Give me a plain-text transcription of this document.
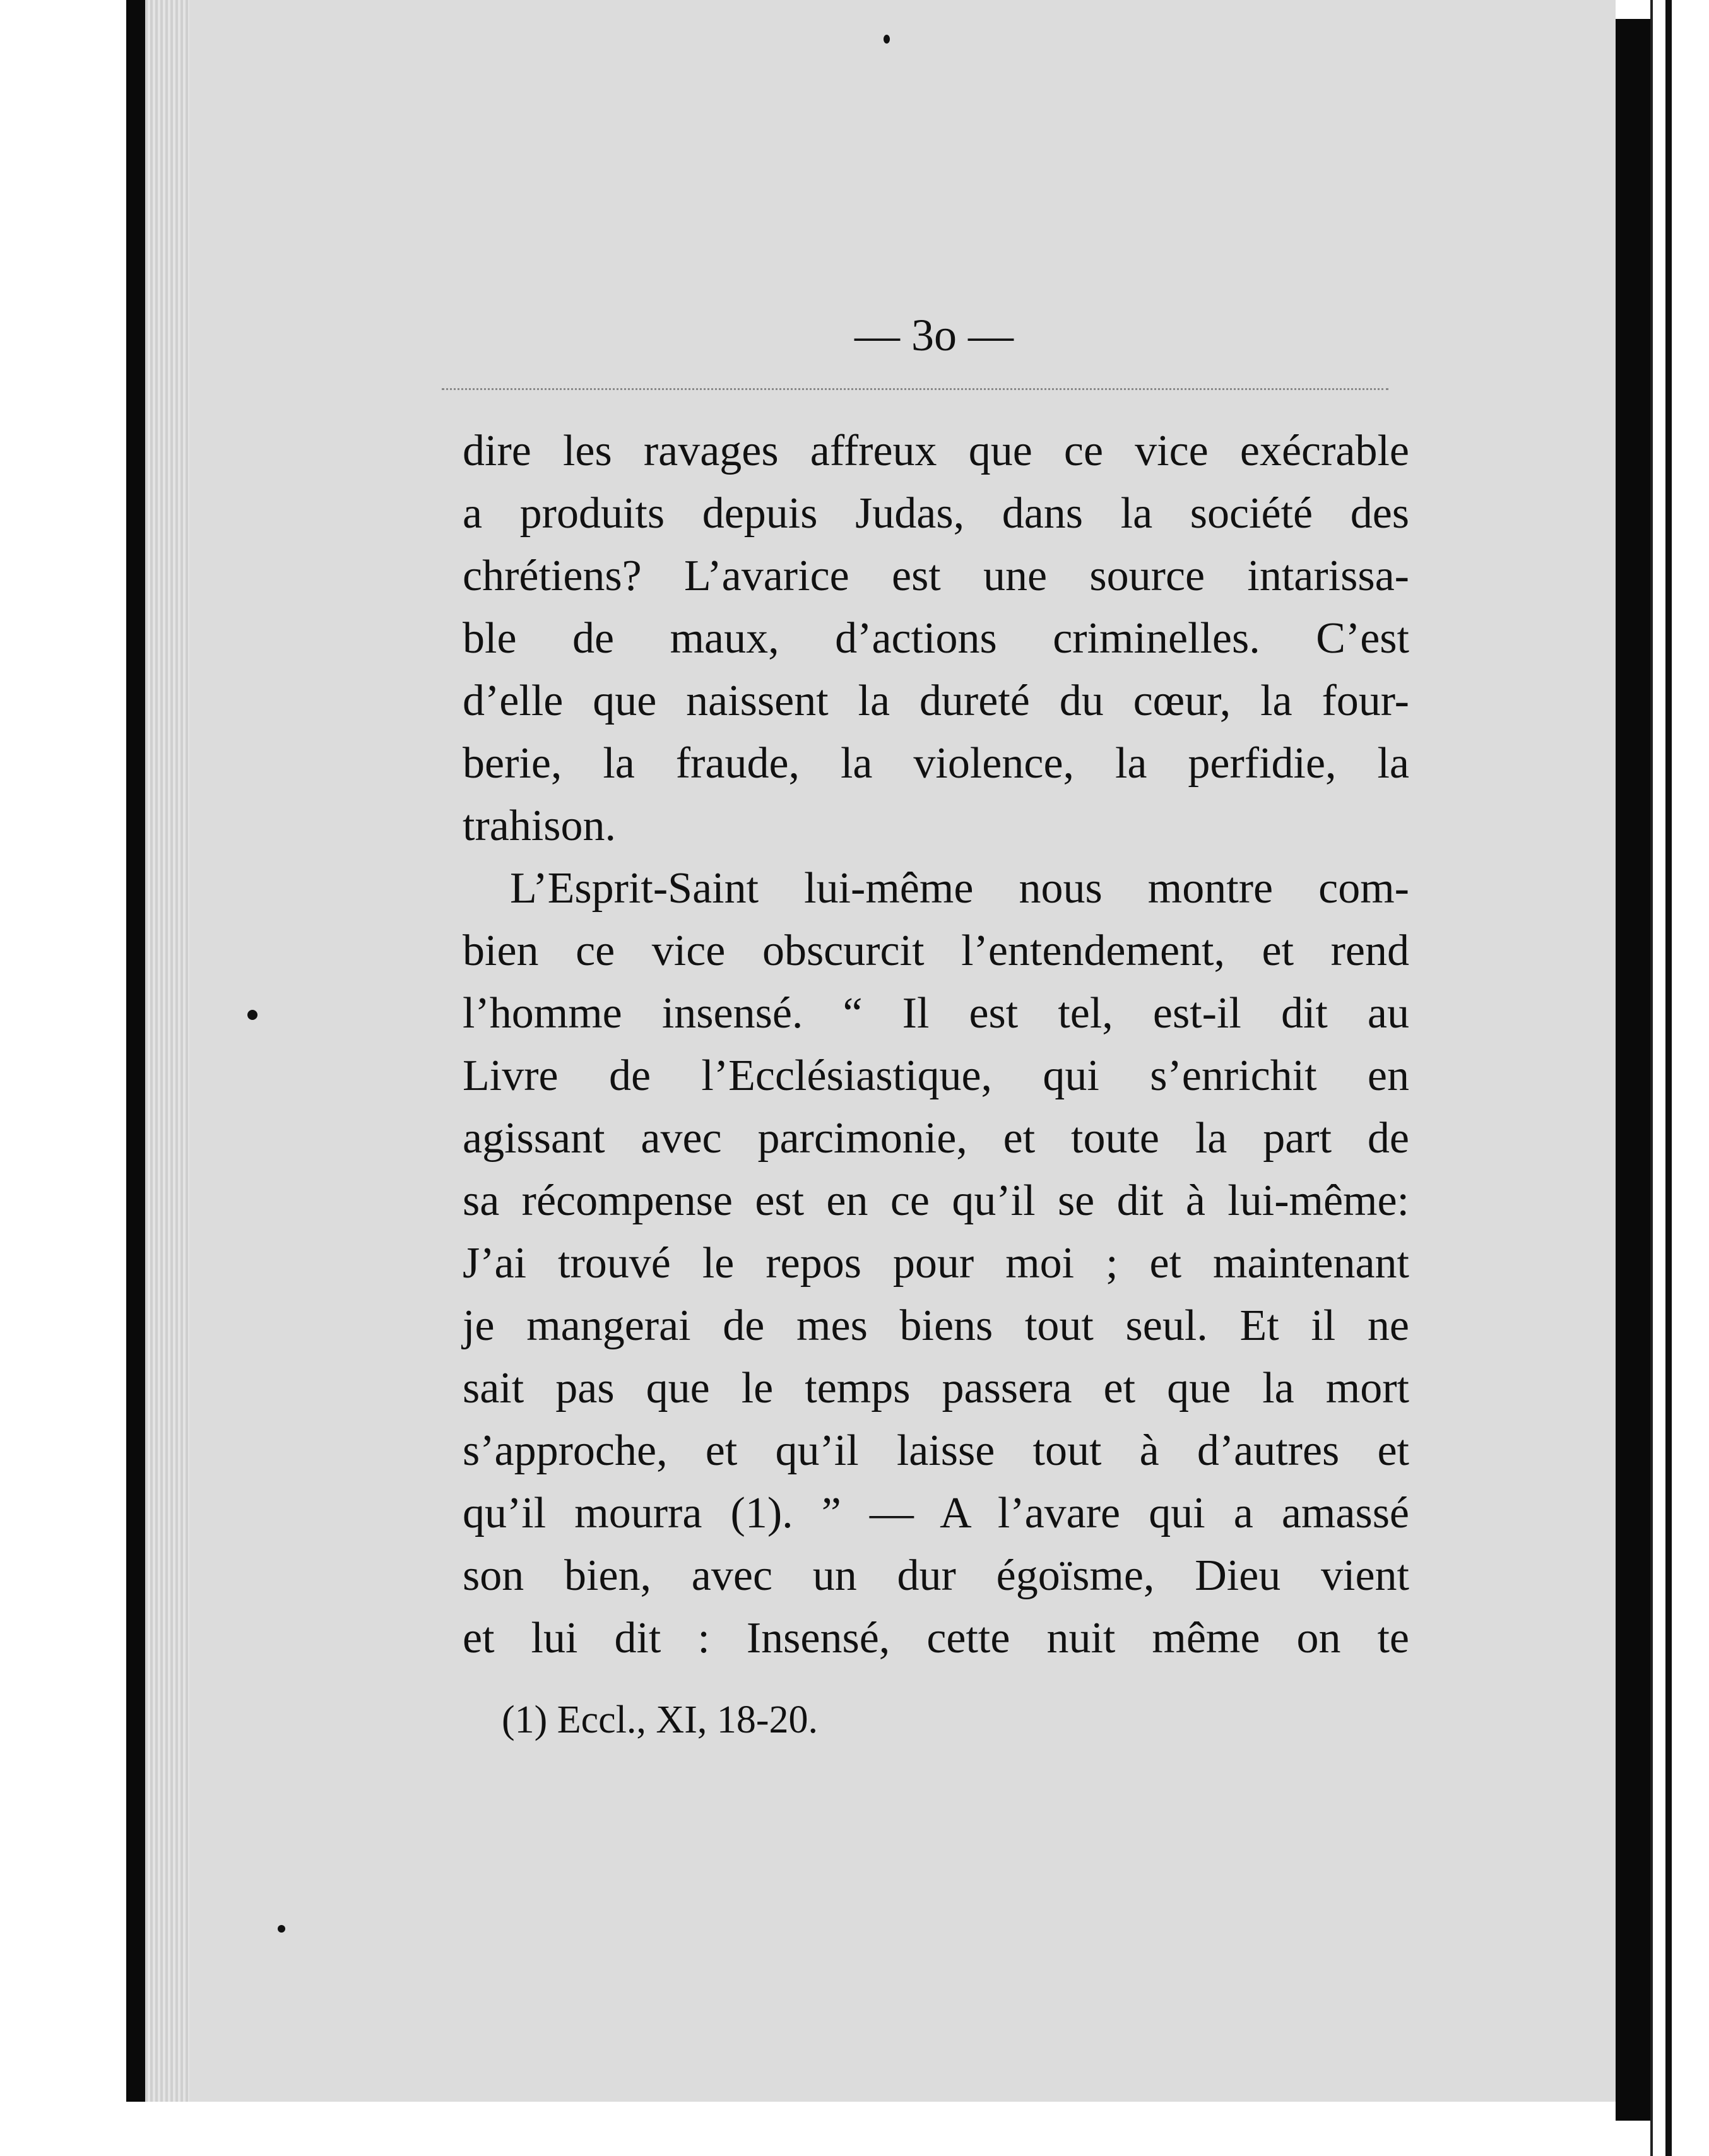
— 3o —
dire les ravages affreux que ce vice exécrable
a produits depuis Judas, dans la société des
chrétiens? L’avarice est une source intarissa-
ble de maux, d’actions criminelles. C’est
d’elle que naissent la dureté du cœur, la four-
berie, la fraude, la violence, la perfidie, la
trahison.
L’Esprit-Saint lui-même nous montre com-
bien ce vice obscurcit l’entendement, et rend
l’homme insensé. “ Il est tel, est-il dit au
Livre de l’Ecclésiastique, qui s’enrichit en
agissant avec parcimonie, et toute la part de
sa récompense est en ce qu’il se dit à lui-même:
J’ai trouvé le repos pour moi ; et maintenant
je mangerai de mes biens tout seul. Et il ne
sait pas que le temps passera et que la mort
s’approche, et qu’il laisse tout à d’autres et
qu’il mourra (1). ” — A l’avare qui a amassé
son bien, avec un dur égoïsme, Dieu vient
et lui dit : Insensé, cette nuit même on te
(1) Eccl., XI, 18-20.
